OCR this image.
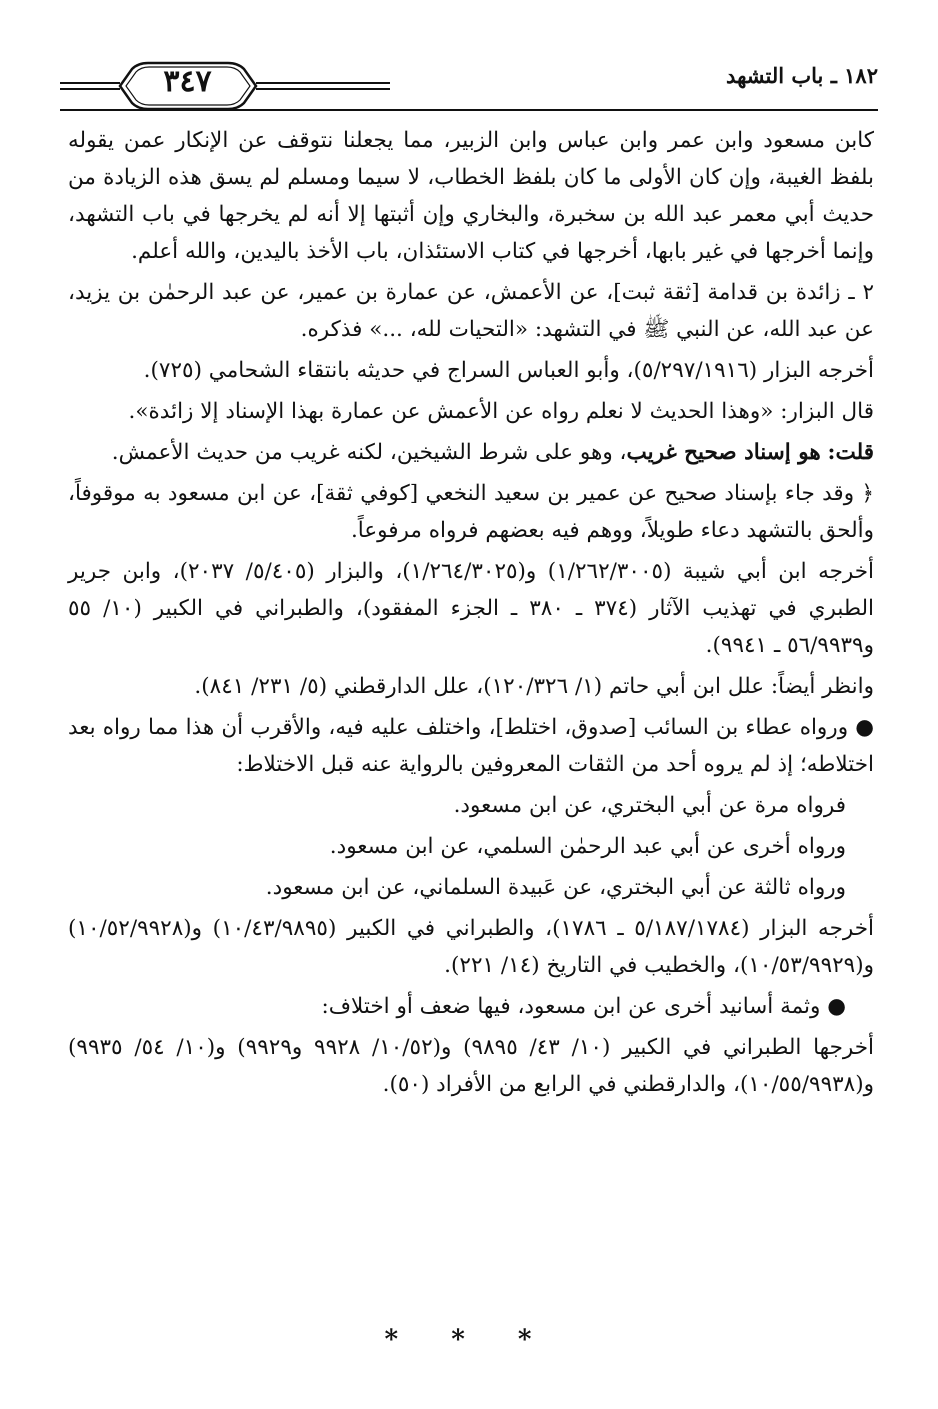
١٨٢ ـ باب التشهد
٣٤٧

كابن مسعود وابن عمر وابن عباس وابن الزبير، مما يجعلنا نتوقف عن الإنكار عمن يقوله بلفظ الغيبة، وإن كان الأولى ما كان بلفظ الخطاب، لا سيما ومسلم لم يسق هذه الزيادة من حديث أبي معمر عبد الله بن سخبرة، والبخاري وإن أثبتها إلا أنه لم يخرجها في باب التشهد، وإنما أخرجها في غير بابها، أخرجها في كتاب الاستئذان، باب الأخذ باليدين، والله أعلم.

٢ ـ زائدة بن قدامة [ثقة ثبت]، عن الأعمش، عن عمارة بن عمير، عن عبد الرحمٰن بن يزيد، عن عبد الله، عن النبي ﷺ في التشهد: «التحيات لله، ...» فذكره.

أخرجه البزار (٥/٢٩٧/١٩١٦)، وأبو العباس السراج في حديثه بانتقاء الشحامي (٧٢٥).

قال البزار: «وهذا الحديث لا نعلم رواه عن الأعمش عن عمارة بهذا الإسناد إلا زائدة».

قلت: هو إسناد صحيح غريب، وهو على شرط الشيخين، لكنه غريب من حديث الأعمش.

﴿ وقد جاء بإسناد صحيح عن عمير بن سعيد النخعي [كوفي ثقة]، عن ابن مسعود به موقوفاً، وألحق بالتشهد دعاء طويلاً، ووهم فيه بعضهم فرواه مرفوعاً.

أخرجه ابن أبي شيبة (١/٢٦٢/٣٠٠٥) و(١/٢٦٤/٣٠٢٥)، والبزار (٥/٤٠٥/ ٢٠٣٧)، وابن جرير الطبري في تهذيب الآثار (٣٧٤ ـ ٣٨٠ ـ الجزء المفقود)، والطبراني في الكبير (١٠/ ٥٥ و٥٦/٩٩٣٩ ـ ٩٩٤١).

وانظر أيضاً: علل ابن أبي حاتم (١/ ١٢٠/٣٢٦)، علل الدارقطني (٥/ ٢٣١/ ٨٤١).

● ورواه عطاء بن السائب [صدوق، اختلط]، واختلف عليه فيه، والأقرب أن هذا مما رواه بعد اختلاطه؛ إذ لم يروه أحد من الثقات المعروفين بالرواية عنه قبل الاختلاط:

فرواه مرة عن أبي البختري، عن ابن مسعود.

ورواه أخرى عن أبي عبد الرحمٰن السلمي، عن ابن مسعود.

ورواه ثالثة عن أبي البختري، عن عَبيدة السلماني، عن ابن مسعود.

أخرجه البزار (٥/١٨٧/١٧٨٤ ـ ١٧٨٦)، والطبراني في الكبير (١٠/٤٣/٩٨٩٥) و(١٠/٥٢/٩٩٢٨) و(١٠/٥٣/٩٩٢٩)، والخطيب في التاريخ (١٤/ ٢٢١).

● وثمة أسانيد أخرى عن ابن مسعود، فيها ضعف أو اختلاف:

أخرجها الطبراني في الكبير (١٠/ ٤٣/ ٩٨٩٥) و(١٠/٥٢/ ٩٩٢٨ و٩٩٢٩) و(١٠/ ٥٤/ ٩٩٣٥) و(١٠/٥٥/٩٩٣٨)، والدارقطني في الرابع من الأفراد (٥٠).

* * *
